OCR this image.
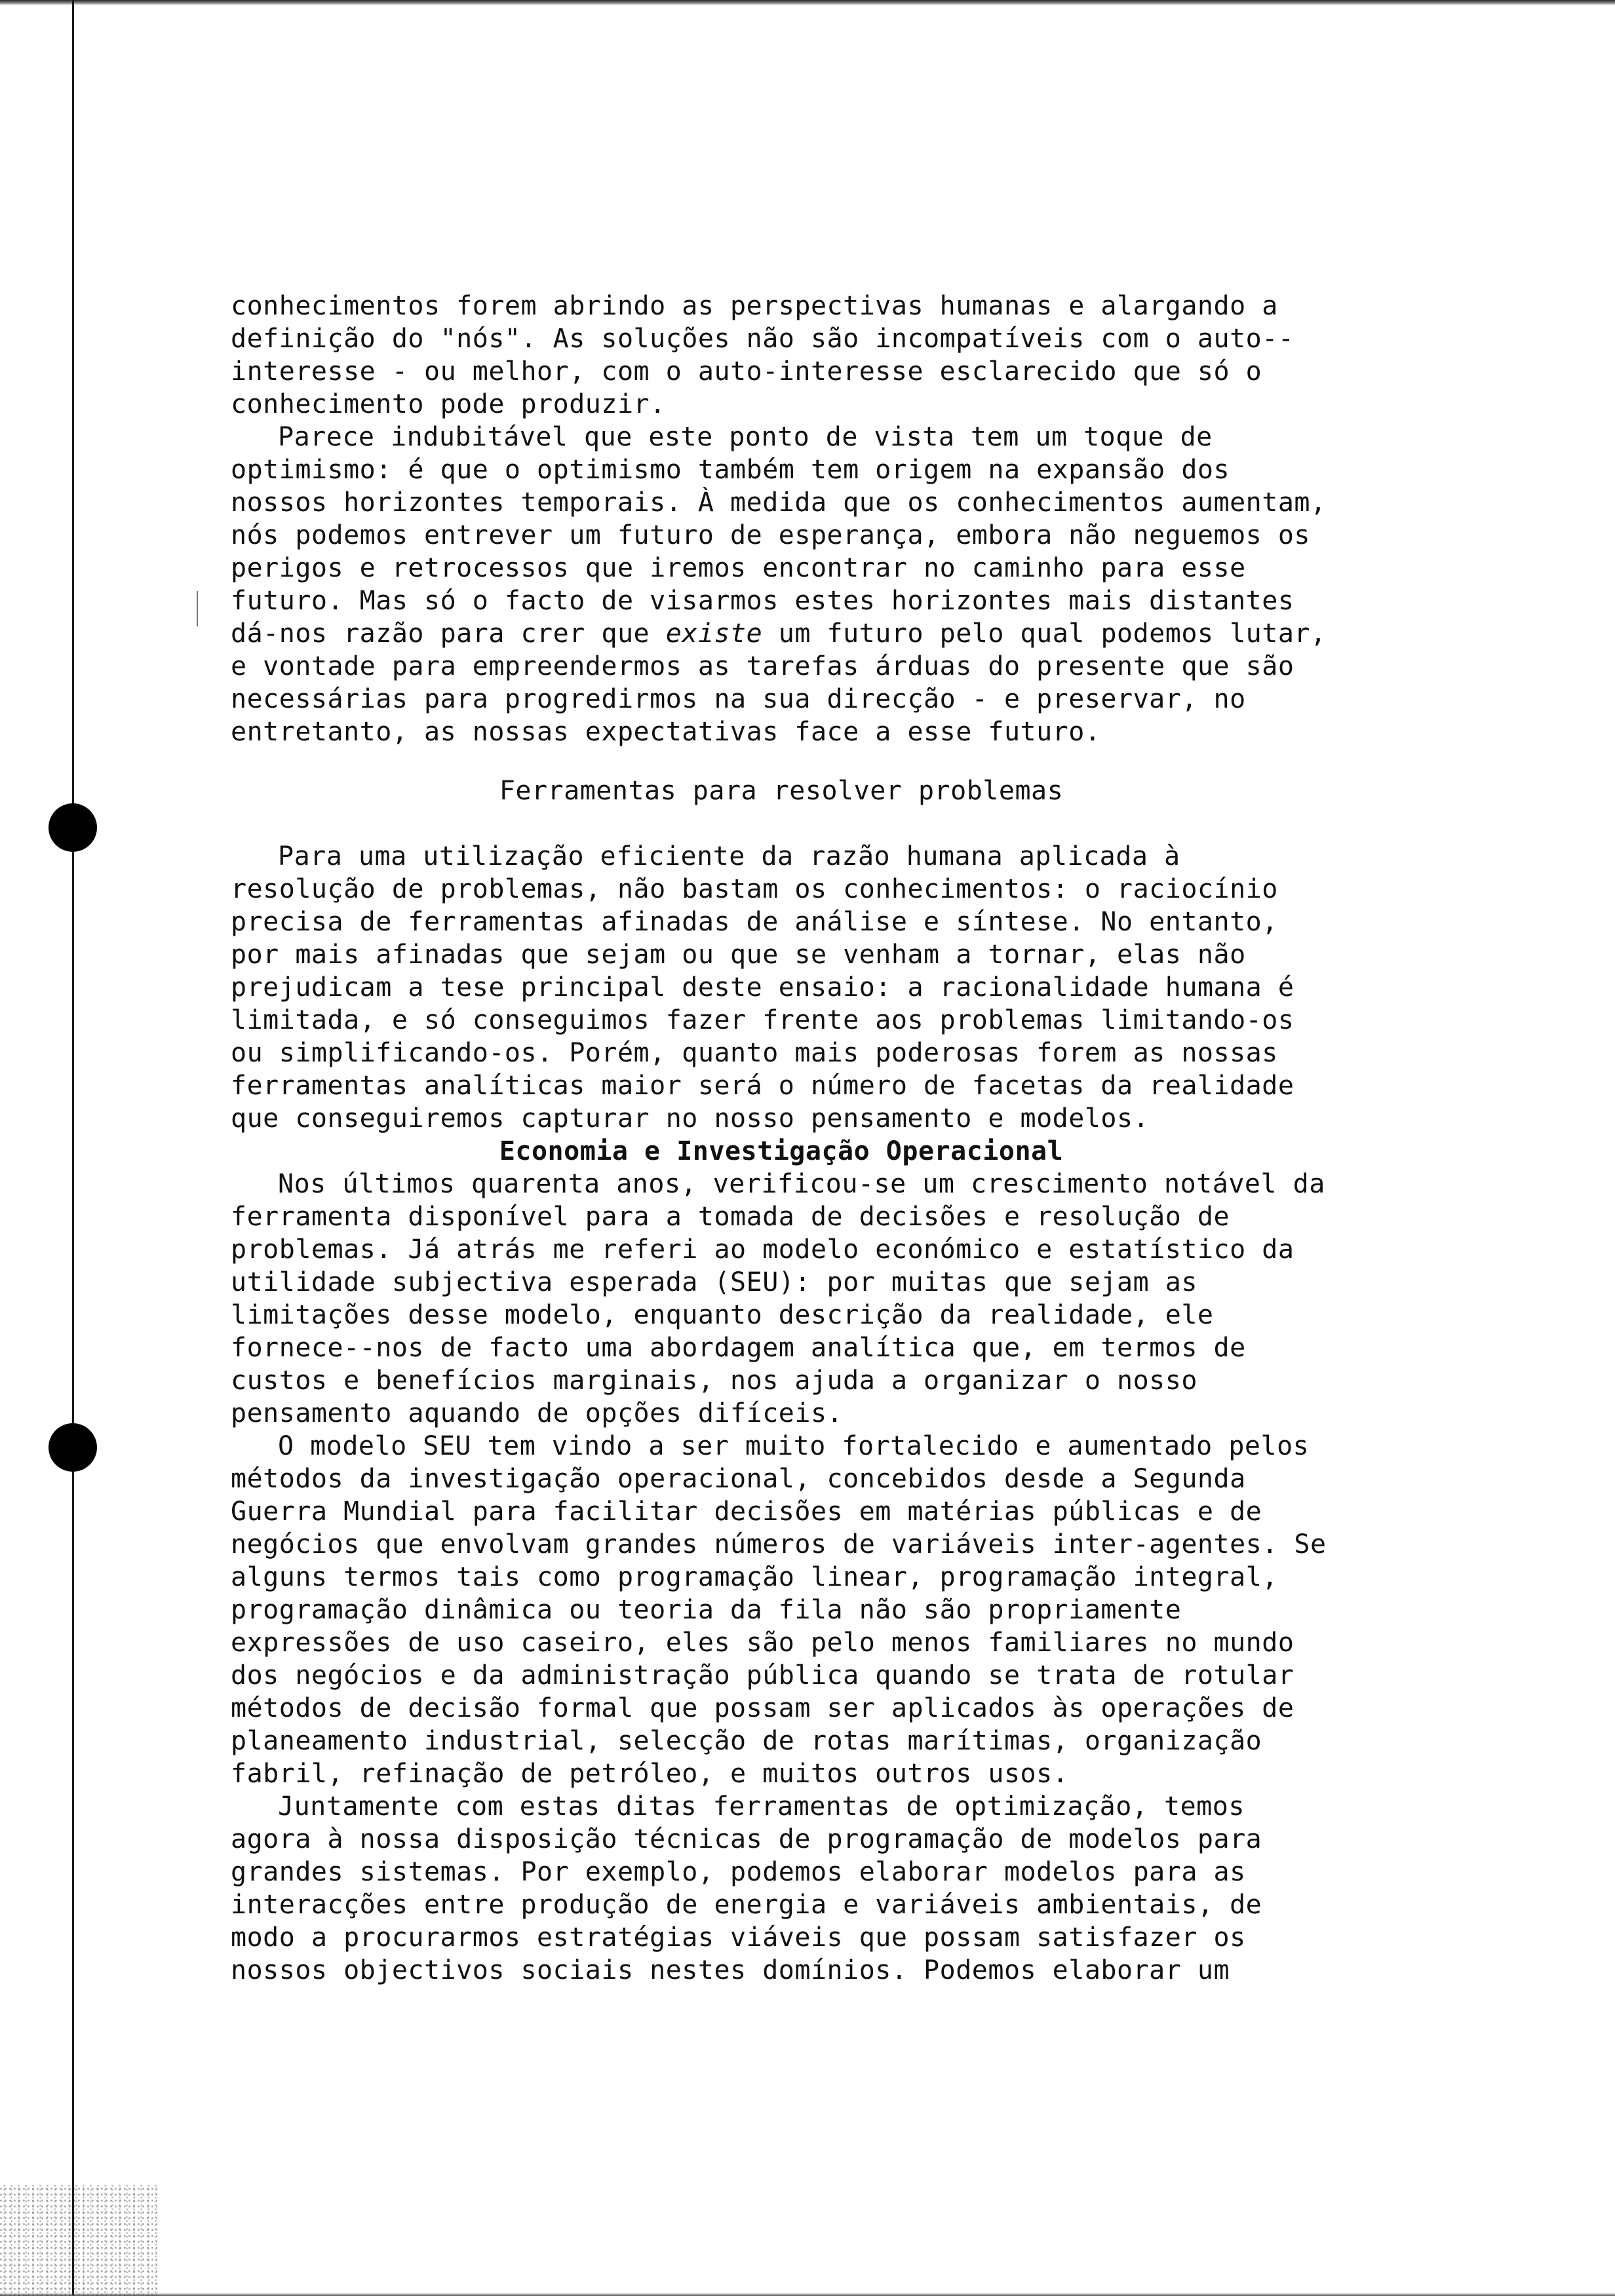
conhecimentos forem abrindo as perspectivas humanas e alargando a definição do "nós". As soluções não são incompatíveis com o auto--interesse - ou melhor, com o auto-interesse esclarecido que só o conhecimento pode produzir.

Parece indubitável que este ponto de vista tem um toque de optimismo: é que o optimismo também tem origem na expansão dos nossos horizontes temporais. À medida que os conhecimentos aumentam, nós podemos entrever um futuro de esperança, embora não neguemos os perigos e retrocessos que iremos encontrar no caminho para esse futuro. Mas só o facto de visarmos estes horizontes mais distantes dá-nos razão para crer que existe um futuro pelo qual podemos lutar, e vontade para empreendermos as tarefas árduas do presente que são necessárias para progredirmos na sua direcção - e preservar, no entretanto, as nossas expectativas face a esse futuro.

Ferramentas para resolver problemas

Para uma utilização eficiente da razão humana aplicada à resolução de problemas, não bastam os conhecimentos: o raciocínio precisa de ferramentas afinadas de análise e síntese. No entanto, por mais afinadas que sejam ou que se venham a tornar, elas não prejudicam a tese principal deste ensaio: a racionalidade humana é limitada, e só conseguimos fazer frente aos problemas limitando-os ou simplificando-os. Porém, quanto mais poderosas forem as nossas ferramentas analíticas maior será o número de facetas da realidade que conseguiremos capturar no nosso pensamento e modelos.

Economia e Investigação Operacional

Nos últimos quarenta anos, verificou-se um crescimento notável da ferramenta disponível para a tomada de decisões e resolução de problemas. Já atrás me referi ao modelo económico e estatístico da utilidade subjectiva esperada (SEU): por muitas que sejam as limitações desse modelo, enquanto descrição da realidade, ele fornece--nos de facto uma abordagem analítica que, em termos de custos e benefícios marginais, nos ajuda a organizar o nosso pensamento aquando de opções difíceis.

O modelo SEU tem vindo a ser muito fortalecido e aumentado pelos métodos da investigação operacional, concebidos desde a Segunda Guerra Mundial para facilitar decisões em matérias públicas e de negócios que envolvam grandes números de variáveis inter-agentes. Se alguns termos tais como programação linear, programação integral, programação dinâmica ou teoria da fila não são propriamente expressões de uso caseiro, eles são pelo menos familiares no mundo dos negócios e da administração pública quando se trata de rotular métodos de decisão formal que possam ser aplicados às operações de planeamento industrial, selecção de rotas marítimas, organização fabril, refinação de petróleo, e muitos outros usos.

Juntamente com estas ditas ferramentas de optimização, temos agora à nossa disposição técnicas de programação de modelos para grandes sistemas. Por exemplo, podemos elaborar modelos para as interacções entre produção de energia e variáveis ambientais, de modo a procurarmos estratégias viáveis que possam satisfazer os nossos objectivos sociais nestes domínios. Podemos elaborar um
